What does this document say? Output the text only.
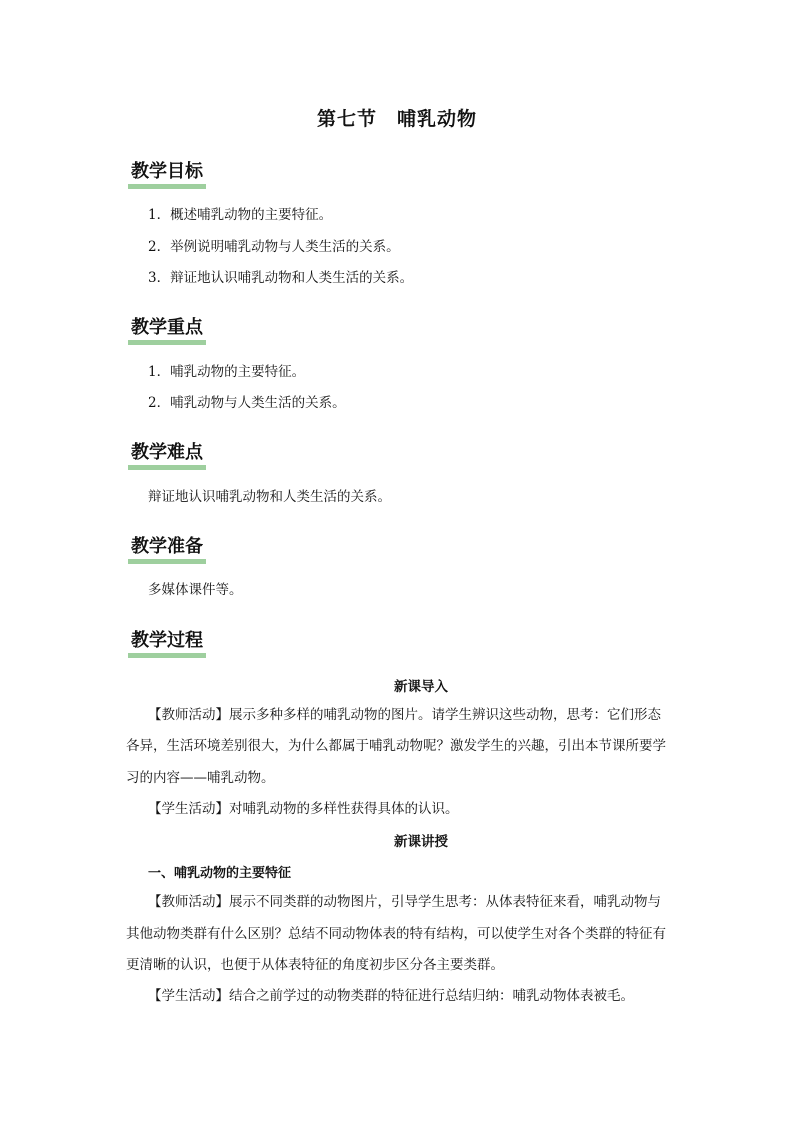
第七节　哺乳动物
教学目标
1．概述哺乳动物的主要特征。
2．举例说明哺乳动物与人类生活的关系。
3．辩证地认识哺乳动物和人类生活的关系。
教学重点
1．哺乳动物的主要特征。
2．哺乳动物与人类生活的关系。
教学难点
辩证地认识哺乳动物和人类生活的关系。
教学准备
多媒体课件等。
教学过程
新课导入
【教师活动】展示多种多样的哺乳动物的图片。请学生辨识这些动物，思考：它们形态
各异，生活环境差别很大，为什么都属于哺乳动物呢？激发学生的兴趣，引出本节课所要学
习的内容——哺乳动物。
【学生活动】对哺乳动物的多样性获得具体的认识。
新课讲授
一、哺乳动物的主要特征
【教师活动】展示不同类群的动物图片，引导学生思考：从体表特征来看，哺乳动物与
其他动物类群有什么区别？总结不同动物体表的特有结构，可以使学生对各个类群的特征有
更清晰的认识，也便于从体表特征的角度初步区分各主要类群。
【学生活动】结合之前学过的动物类群的特征进行总结归纳：哺乳动物体表被毛。
